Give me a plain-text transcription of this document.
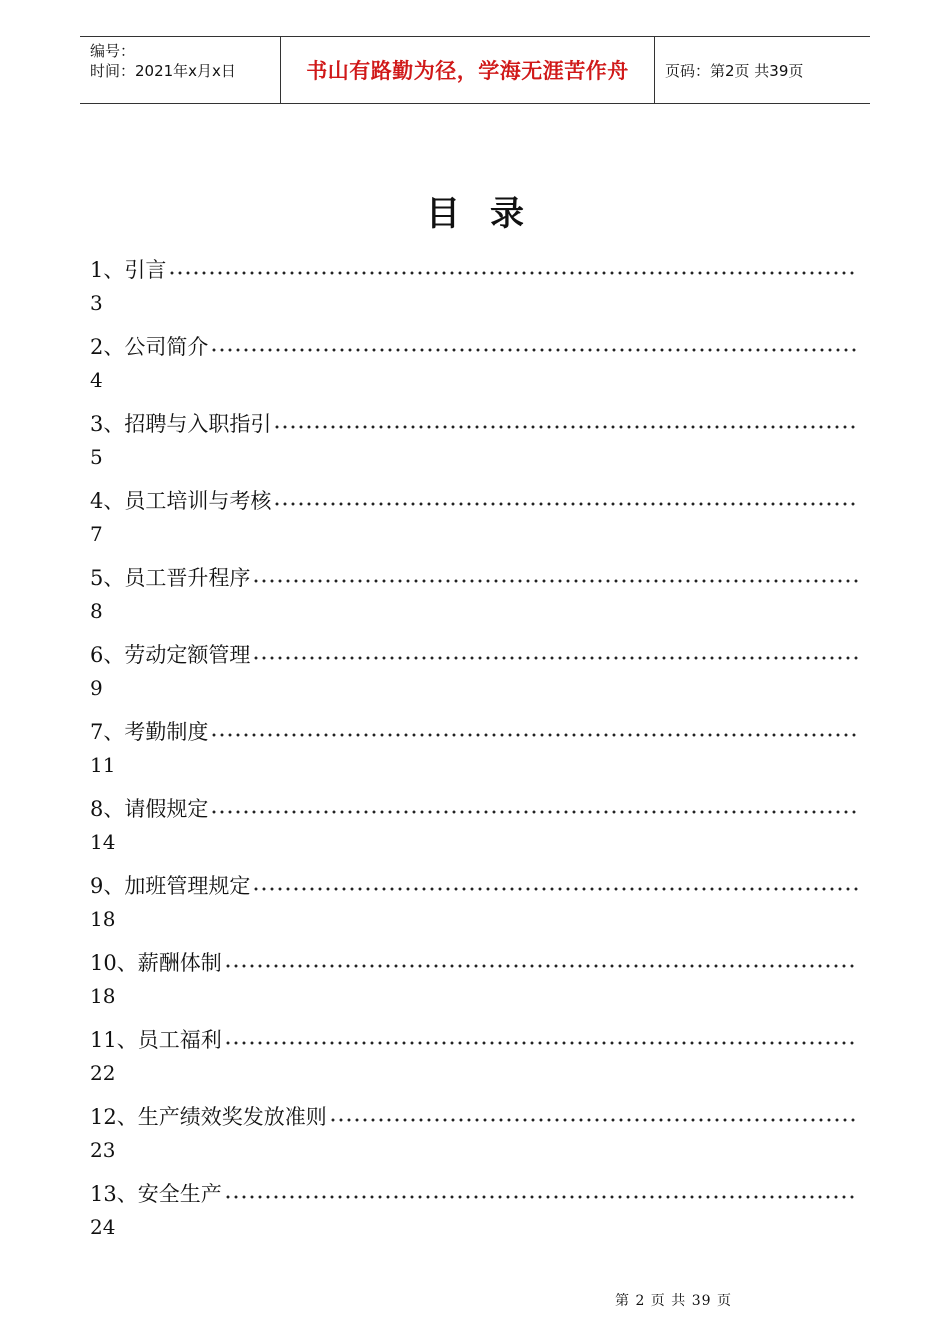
编号：
时间：2021年x月x日	书山有路勤为径，学海无涯苦作舟 页码：第2页 共39页
目录
1、引言
3
2、公司简介
4
3、招聘与入职指引
5
4、员工培训与考核
7
5、员工晋升程序
8
6、劳动定额管理
9
7、考勤制度
11
8、请假规定
14
9、加班管理规定
18
10、薪酬体制
18
11、员工福利
22
12、生产绩效奖发放准则
23
13、安全生产
24
第 2 页 共 39 页
